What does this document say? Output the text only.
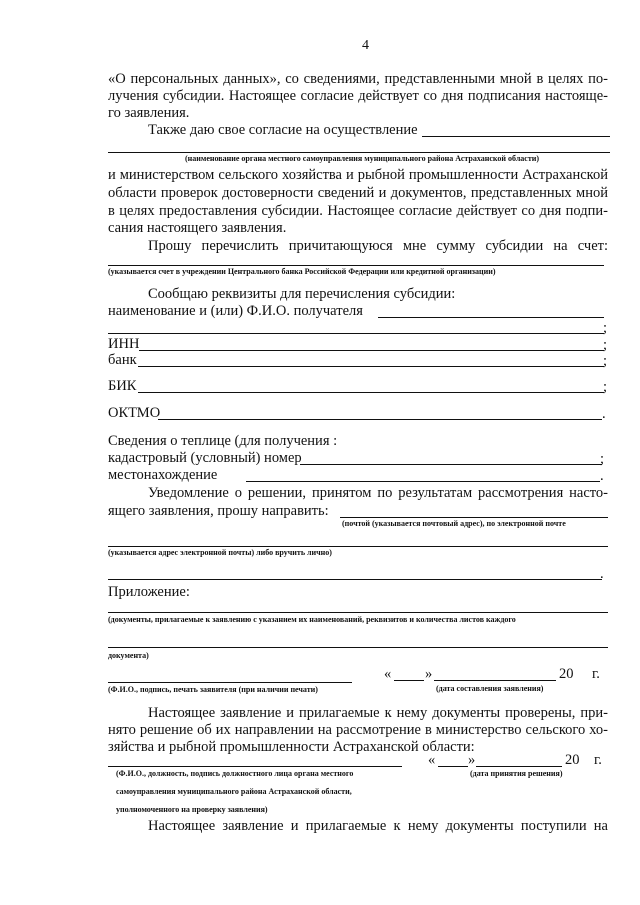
4
«О персональных данных», со сведениями, представленными мной в целях по-
лучения субсидии. Настоящее согласие действует со дня подписания настояще-
го заявления.
Также даю свое согласие на осуществление
(наименование органа местного самоуправления муниципального района Астраханской области)
и министерством сельского хозяйства и рыбной промышленности Астраханской
области проверок достоверности сведений и документов, представленных мной
в целях предоставления субсидии. Настоящее согласие действует со дня подпи-
сания настоящего заявления.
Прошу перечислить причитающуюся мне сумму субсидии на счет:
(указывается счет в учреждении Центрального банка Российской Федерации или кредитной организации)
Сообщаю реквизиты для перечисления субсидии:
наименование и (или) Ф.И.О. получателя
;
ИНН	;
банк	;
БИК	;
ОКТМО	.
Сведения о теплице (для получения :
кадастровый (условный) номер	;
местонахождение	.
Уведомление о решении, принятом по результатам рассмотрения насто-
ящего заявления, прошу направить:
(почтой (указывается почтовый адрес), по электронной почте
(указывается адрес электронной почты) либо вручить лично)
.
Приложение:
(документы, прилагаемые к заявлению с указанием их наименований, реквизитов и количества листов каждого
документа)
« »	20 г.
(Ф.И.О., подпись, печать заявителя (при наличии печати)	(дата составления заявления)
Настоящее заявление и прилагаемые к нему документы проверены, при-
нято решение об их направлении на рассмотрение в министерство сельского хо-
зяйства и рыбной промышленности Астраханской области:
« »	20 г.
(Ф.И.О., должность, подпись должностного лица органа местного	(дата принятия решения)
самоуправления муниципального района Астраханской области,
уполномоченного на проверку заявления)
Настоящее заявление и прилагаемые к нему документы поступили на
